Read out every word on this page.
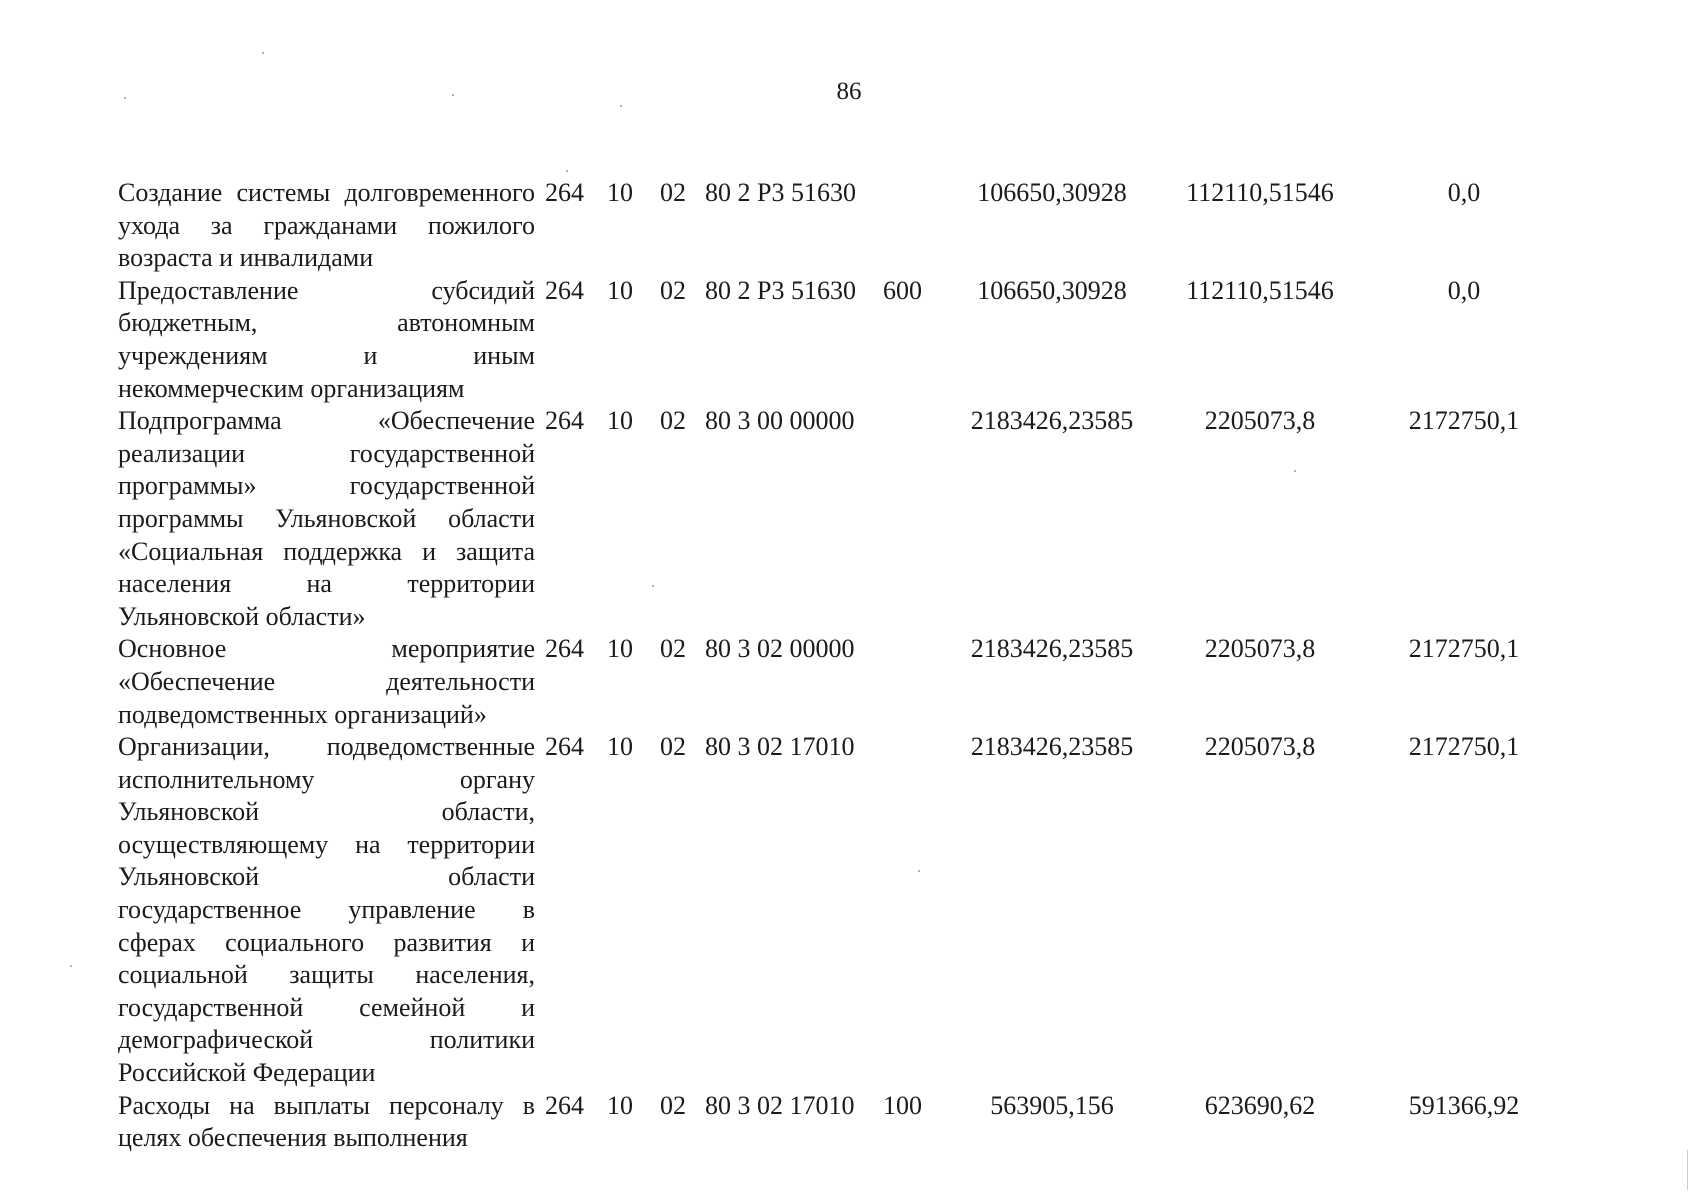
86
Создание системы долговременного ухода за гражданами пожилого возраста и инвалидами	264	10	02	80 2 P3 51630		106650,30928	112110,51546	0,0
Предоставление субсидий бюджетным, автономным учреждениям и иным некоммерческим организациям	264	10	02	80 2 P3 51630	600	106650,30928	112110,51546	0,0
Подпрограмма «Обеспечение реализации государственной программы» государственной программы Ульяновской области «Социальная поддержка и защита населения на территории Ульяновской области»	264	10	02	80 3 00 00000		2183426,23585	2205073,8	2172750,1
Основное мероприятие «Обеспечение деятельности подведомственных организаций»	264	10	02	80 3 02 00000		2183426,23585	2205073,8	2172750,1
Организации, подведомственные исполнительному органу Ульяновской области, осуществляющему на территории Ульяновской области государственное управление в сферах социального развития и социальной защиты населения, государственной семейной и демографической политики Российской Федерации	264	10	02	80 3 02 17010		2183426,23585	2205073,8	2172750,1
Расходы на выплаты персоналу в целях обеспечения выполнения	264	10	02	80 3 02 17010	100	563905,156	623690,62	591366,92
